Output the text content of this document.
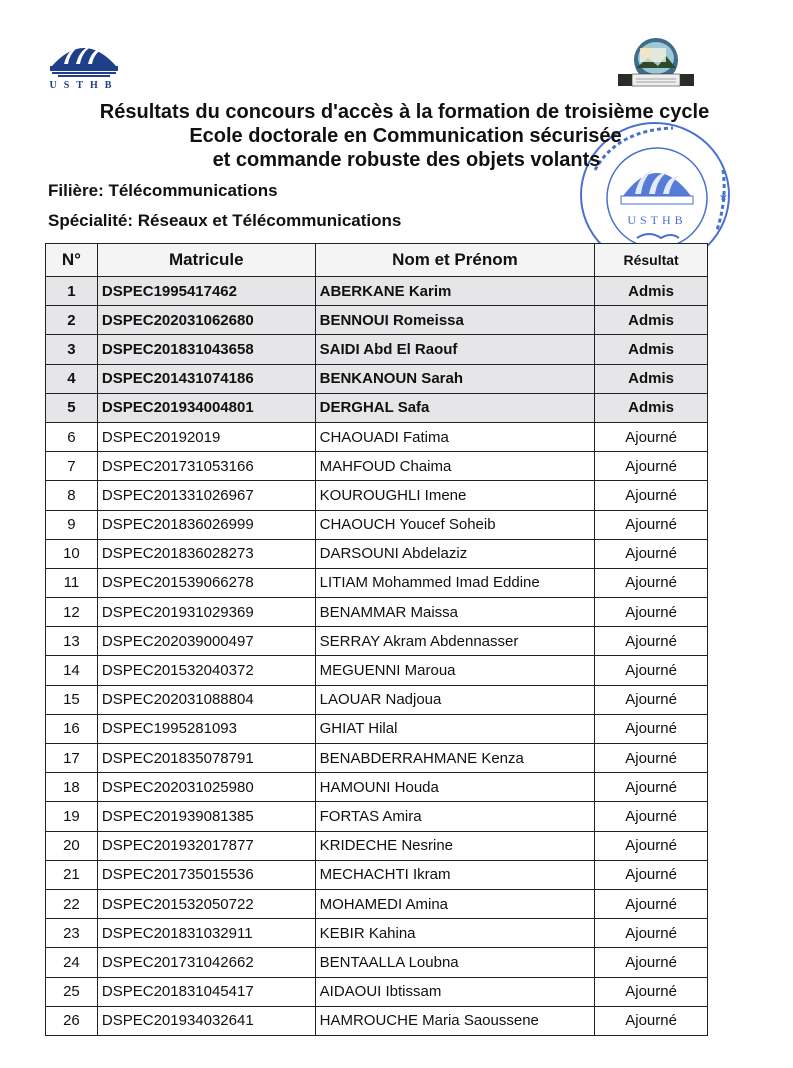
USTHB
USTHB
★
Résultats du concours d'accès à la formation de troisième cycle
Ecole doctorale en Communication sécurisée
et commande robuste des objets volants
Filière: Télécommunications
Spécialité: Réseaux et Télécommunications
N°	Matricule	Nom et Prénom	Résultat
1	DSPEC1995417462	ABERKANE Karim	Admis
2	DSPEC202031062680	BENNOUI Romeissa	Admis
3	DSPEC201831043658	SAIDI Abd El Raouf	Admis
4	DSPEC201431074186	BENKANOUN Sarah	Admis
5	DSPEC201934004801	DERGHAL Safa	Admis
6	DSPEC20192019	CHAOUADI Fatima	Ajourné
7	DSPEC201731053166	MAHFOUD Chaima	Ajourné
8	DSPEC201331026967	KOUROUGHLI Imene	Ajourné
9	DSPEC201836026999	CHAOUCH Youcef Soheib	Ajourné
10	DSPEC201836028273	DARSOUNI Abdelaziz	Ajourné
11	DSPEC201539066278	LITIAM Mohammed Imad Eddine	Ajourné
12	DSPEC201931029369	BENAMMAR Maissa	Ajourné
13	DSPEC202039000497	SERRAY Akram Abdennasser	Ajourné
14	DSPEC201532040372	MEGUENNI Maroua	Ajourné
15	DSPEC202031088804	LAOUAR Nadjoua	Ajourné
16	DSPEC1995281093	GHIAT Hilal	Ajourné
17	DSPEC201835078791	BENABDERRAHMANE Kenza	Ajourné
18	DSPEC202031025980	HAMOUNI Houda	Ajourné
19	DSPEC201939081385	FORTAS Amira	Ajourné
20	DSPEC201932017877	KRIDECHE Nesrine	Ajourné
21	DSPEC201735015536	MECHACHTI Ikram	Ajourné
22	DSPEC201532050722	MOHAMEDI Amina	Ajourné
23	DSPEC201831032911	KEBIR Kahina	Ajourné
24	DSPEC201731042662	BENTAALLA Loubna	Ajourné
25	DSPEC201831045417	AIDAOUI Ibtissam	Ajourné
26	DSPEC201934032641	HAMROUCHE Maria Saoussene	Ajourné
